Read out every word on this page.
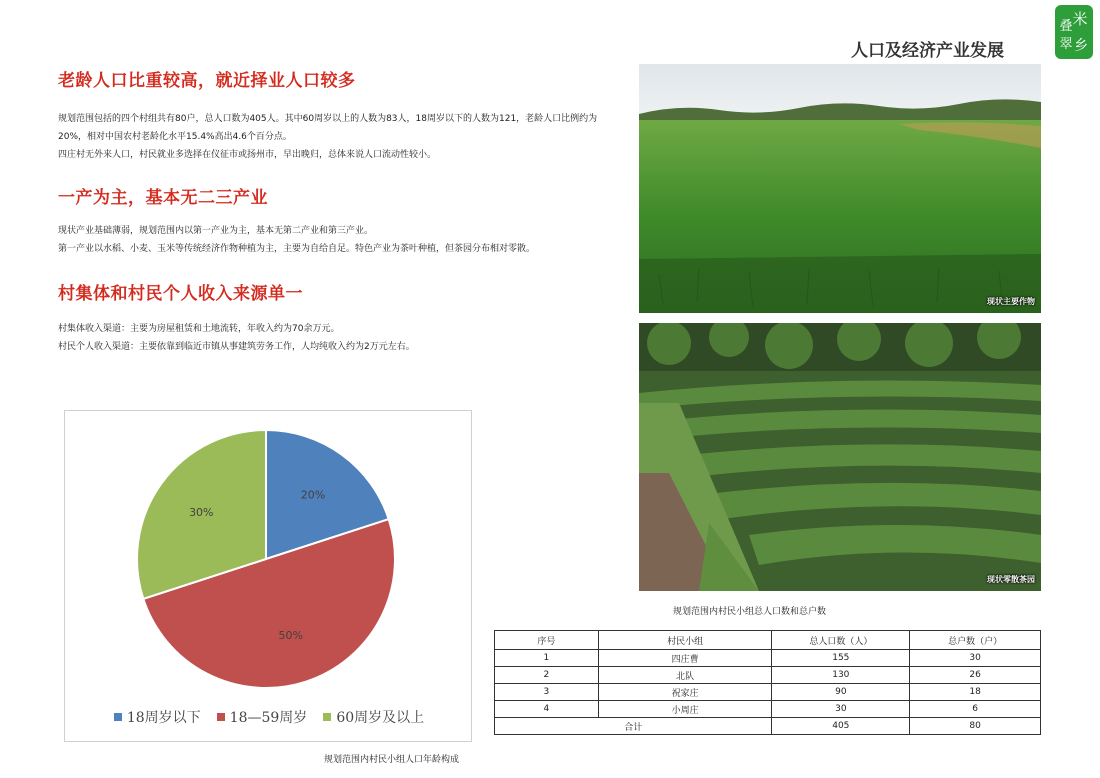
人口及经济产业发展
米
叠
翠 乡
老龄人口比重较高，就近择业人口较多
规划范围包括的四个村组共有80户，总人口数为405人。其中60周岁以上的人数为83人，18周岁以下的人数为121，老龄人口比例约为
20%，相对中国农村老龄化水平15.4%高出4.6个百分点。
四庄村无外来人口，村民就业多选择在仪征市或扬州市，早出晚归，总体来说人口流动性较小。
一产为主，基本无二三产业
现状产业基础薄弱，规划范围内以第一产业为主，基本无第二产业和第三产业。
第一产业以水稻、小麦、玉米等传统经济作物种植为主，主要为自给自足。特色产业为茶叶种植，但茶园分布相对零散。
村集体和村民个人收入来源单一
村集体收入渠道：主要为房屋租赁和土地流转，年收入约为70余万元。
村民个人收入渠道：主要依靠到临近市镇从事建筑劳务工作，人均纯收入约为2万元左右。
现状主要作物
现状零散茶园
20%
50%
30%
18周岁以下 18—59周岁 60周岁及以上
规划范围内村民小组人口年龄构成
规划范围内村民小组总人口数和总户数
序号	村民小组	总人口数（人）	总户数（户）
1	四庄曹	155	30
2	北队	130	26
3	祝家庄	90	18
4	小周庄	30	6
合计		405	80
